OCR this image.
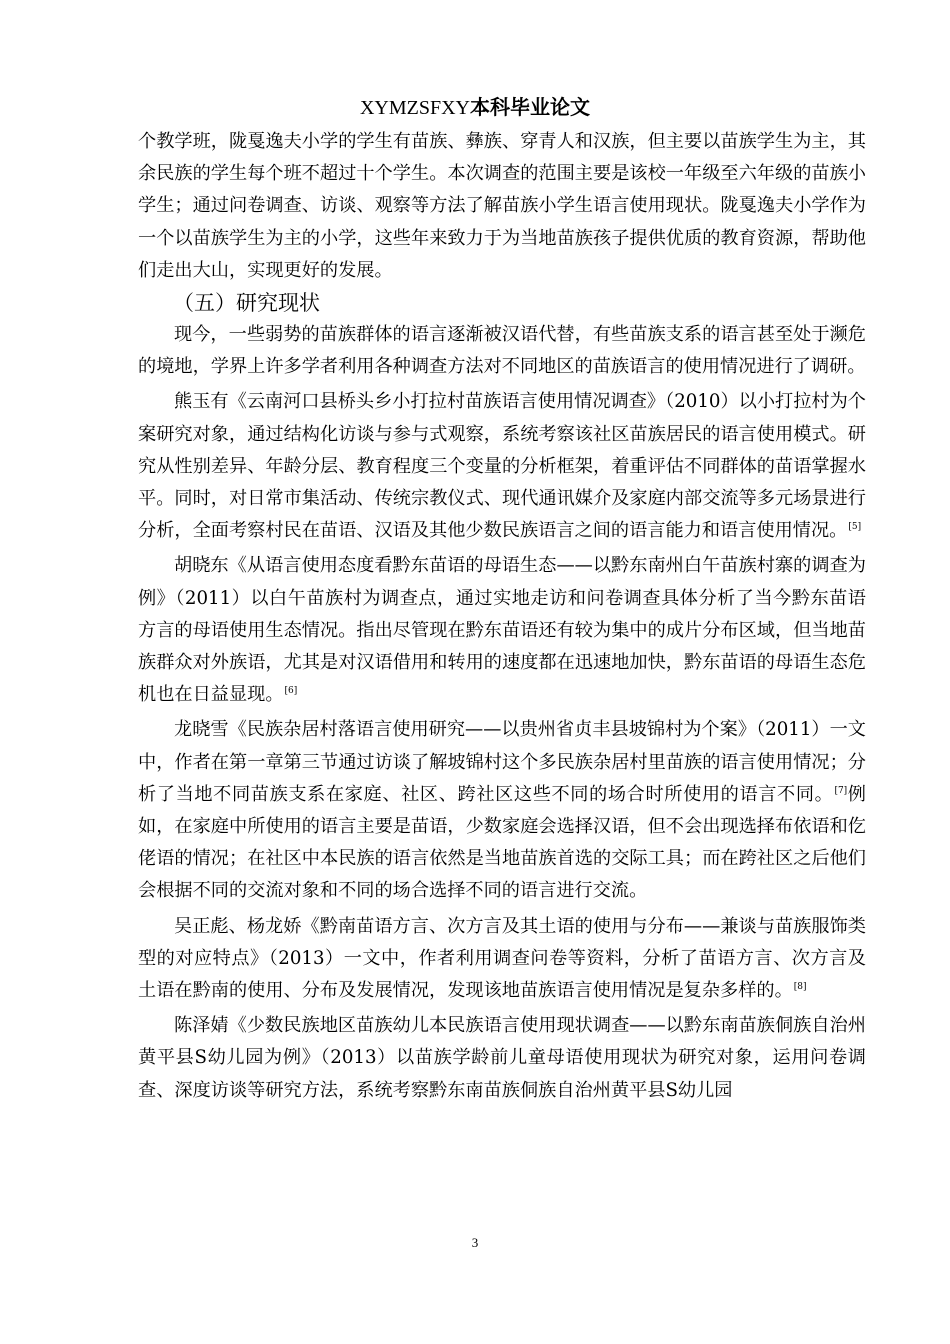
XYMZSFXY本科毕业论文

个教学班，陇戛逸夫小学的学生有苗族、彝族、穿青人和汉族，但主要以苗族学生为主，其余民族的学生每个班不超过十个学生。本次调查的范围主要是该校一年级至六年级的苗族小学生；通过问卷调查、访谈、观察等方法了解苗族小学生语言使用现状。陇戛逸夫小学作为一个以苗族学生为主的小学，这些年来致力于为当地苗族孩子提供优质的教育资源，帮助他们走出大山，实现更好的发展。

（五）研究现状

现今，一些弱势的苗族群体的语言逐渐被汉语代替，有些苗族支系的语言甚至处于濒危的境地，学界上许多学者利用各种调查方法对不同地区的苗族语言的使用情况进行了调研。

熊玉有《云南河口县桥头乡小打拉村苗族语言使用情况调查》（2010）以小打拉村为个案研究对象，通过结构化访谈与参与式观察，系统考察该社区苗族居民的语言使用模式。研究从性别差异、年龄分层、教育程度三个变量的分析框架，着重评估不同群体的苗语掌握水平。同时，对日常市集活动、传统宗教仪式、现代通讯媒介及家庭内部交流等多元场景进行分析，全面考察村民在苗语、汉语及其他少数民族语言之间的语言能力和语言使用情况。[5]

胡晓东《从语言使用态度看黔东苗语的母语生态——以黔东南州白午苗族村寨的调查为例》（2011）以白午苗族村为调查点，通过实地走访和问卷调查具体分析了当今黔东苗语方言的母语使用生态情况。指出尽管现在黔东苗语还有较为集中的成片分布区域，但当地苗族群众对外族语，尤其是对汉语借用和转用的速度都在迅速地加快，黔东苗语的母语生态危机也在日益显现。[6]

龙晓雪《民族杂居村落语言使用研究——以贵州省贞丰县坡锦村为个案》（2011）一文中，作者在第一章第三节通过访谈了解坡锦村这个多民族杂居村里苗族的语言使用情况；分析了当地不同苗族支系在家庭、社区、跨社区这些不同的场合时所使用的语言不同。[7]例如，在家庭中所使用的语言主要是苗语，少数家庭会选择汉语，但不会出现选择布依语和仡佬语的情况；在社区中本民族的语言依然是当地苗族首选的交际工具；而在跨社区之后他们会根据不同的交流对象和不同的场合选择不同的语言进行交流。

吴正彪、杨龙娇《黔南苗语方言、次方言及其土语的使用与分布——兼谈与苗族服饰类型的对应特点》（2013）一文中，作者利用调查问卷等资料，分析了苗语方言、次方言及土语在黔南的使用、分布及发展情况，发现该地苗族语言使用情况是复杂多样的。[8]

陈泽婧《少数民族地区苗族幼儿本民族语言使用现状调查——以黔东南苗族侗族自治州黄平县S幼儿园为例》（2013）以苗族学龄前儿童母语使用现状为研究对象，运用问卷调查、深度访谈等研究方法，系统考察黔东南苗族侗族自治州黄平县S幼儿园

3
